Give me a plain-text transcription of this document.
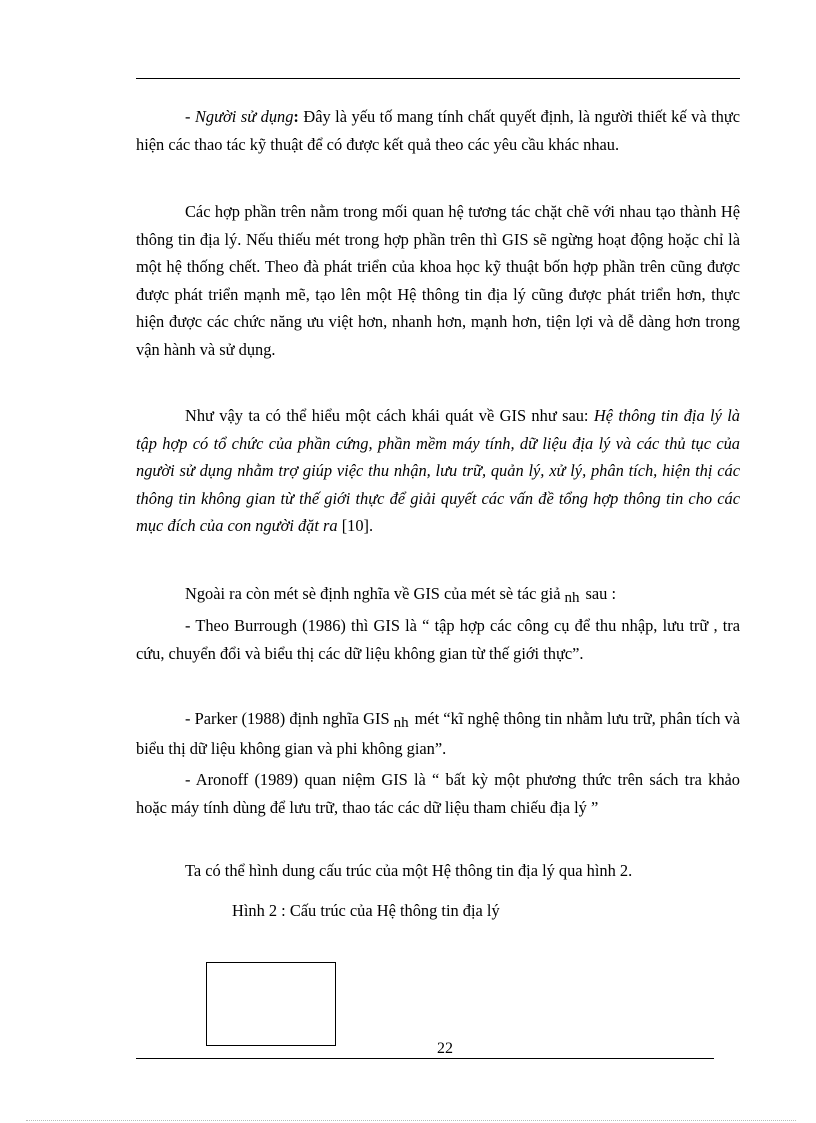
- Người sử dụng: Đây là yếu tố mang tính chất quyết định, là người thiết kế và thực hiện các thao tác kỹ thuật để có được kết quả theo các yêu cầu khác nhau.

Các hợp phần trên nằm trong mối quan hệ tương tác chặt chẽ với nhau tạo thành Hệ thông tin địa lý. Nếu thiếu mét trong hợp phần trên thì GIS sẽ ngừng hoạt động hoặc chỉ là một hệ thống chết. Theo đà phát triển của khoa học kỹ thuật bốn hợp phần trên cũng được được phát triển mạnh mẽ, tạo lên một Hệ thông tin địa lý cũng được phát triển hơn, thực hiện được các chức năng ưu việt hơn, nhanh hơn, mạnh hơn, tiện lợi và dễ dàng hơn trong vận hành và sử dụng.

Như vậy ta có thể hiểu một cách khái quát về GIS như sau: Hệ thông tin địa lý là tập hợp có tổ chức của phần cứng, phần mềm máy tính, dữ liệu địa lý và các thủ tục của người sử dụng nhằm trợ giúp việc thu nhận, lưu trữ, quản lý, xử lý, phân tích, hiện thị các thông tin không gian từ thế giới thực để giải quyết các vấn đề tổng hợp thông tin cho các mục đích của con người đặt ra [10].

Ngoài ra còn mét sè định nghĩa về GIS của mét sè tác giả nh sau :

- Theo Burrough (1986) thì GIS là “ tập hợp các công cụ để thu nhập, lưu trữ , tra cứu, chuyển đổi và biểu thị các dữ liệu không gian từ thế giới thực”.

- Parker (1988) định nghĩa GIS nh mét “kĩ nghệ thông tin nhằm lưu trữ, phân tích và biểu thị dữ liệu không gian và phi không gian”.

- Aronoff (1989) quan niệm GIS là “ bất kỳ một phương thức trên sách tra khảo hoặc máy tính dùng để lưu trữ, thao tác các dữ liệu tham chiếu địa lý ”

Ta có thể hình dung cấu trúc của một Hệ thông tin địa lý qua hình 2.

Hình 2 : Cấu trúc của Hệ thông tin địa lý
22
